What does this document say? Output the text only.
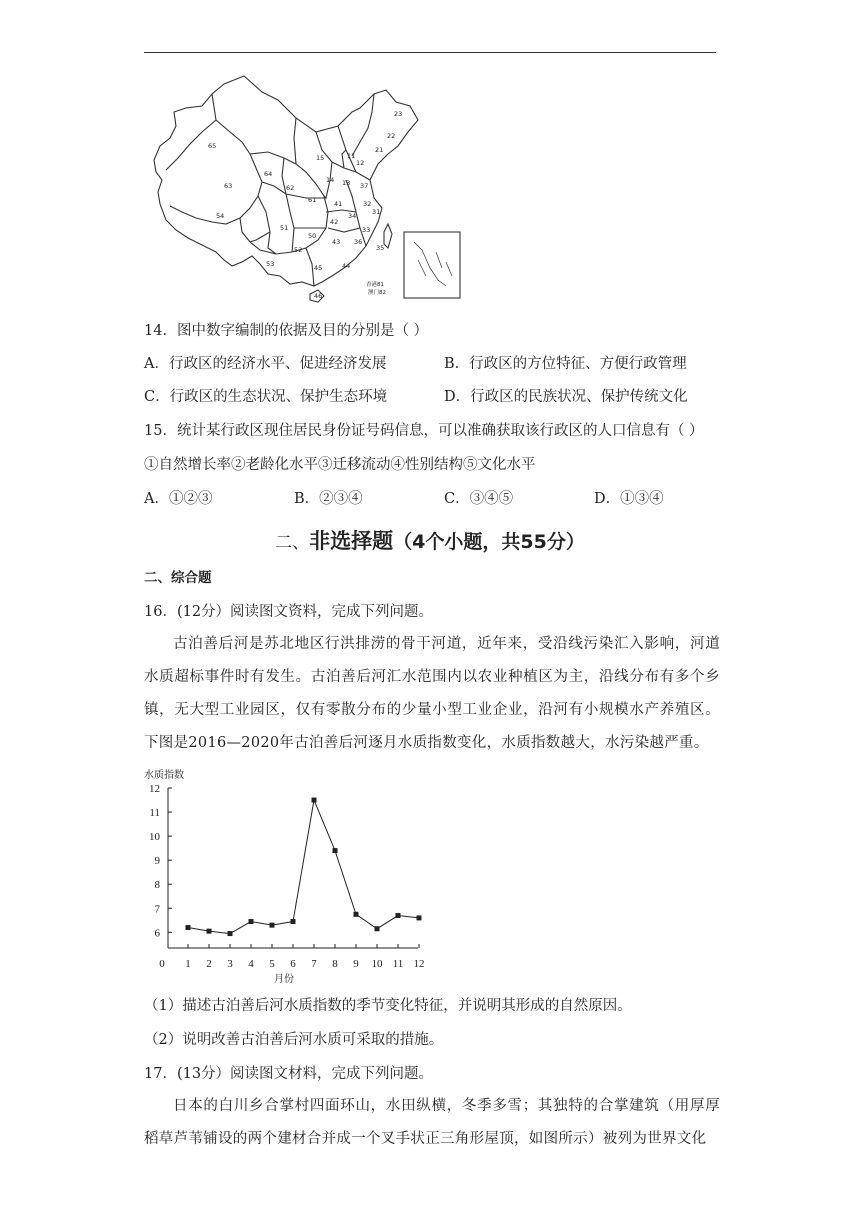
23
22
21
15	11
12
13
14
37
65
63	62
64
61	41	32
31
34
42
33
54
51
50
52
43 36
35
53	45	44
46
香港81
澳门82
14．图中数字编制的依据及目的分别是（ ）
A．行政区的经济水平、促进经济发展	B．行政区的方位特征、方便行政管理
C．行政区的生态状况、保护生态环境	D．行政区的民族状况、保护传统文化
15．统计某行政区现住居民身份证号码信息，可以准确获取该行政区的人口信息有（ ）
①自然增长率②老龄化水平③迁移流动④性别结构⑤文化水平
A．①②③	B．②③④	C．③④⑤	D．①③④
二、非选择题（4个小题，共55分）
二、综合题
16．(12分）阅读图文资料，完成下列问题。
古泊善后河是苏北地区行洪排涝的骨干河道，近年来，受沿线污染汇入影响，河道水质超标事件时有发生。古泊善后河汇水范围内以农业种植区为主，沿线分布有多个乡镇，无大型工业园区，仅有零散分布的少量小型工业企业，沿河有小规模水产养殖区。下图是2016—2020年古泊善后河逐月水质指数变化，水质指数越大，水污染越严重。
水质指数
6
7
8
9
10
11
12
1 2 3 4 5 6 7 8 9 10 11 12
0
月份
（1）描述古泊善后河水质指数的季节变化特征，并说明其形成的自然原因。
（2）说明改善古泊善后河水质可采取的措施。
17．(13分）阅读图文材料，完成下列问题。
日本的白川乡合掌村四面环山，水田纵横，冬季多雪；其独特的合掌建筑（用厚厚稻草芦苇铺设的两个建材合并成一个叉手状正三角形屋顶，如图所示）被列为世界文化
